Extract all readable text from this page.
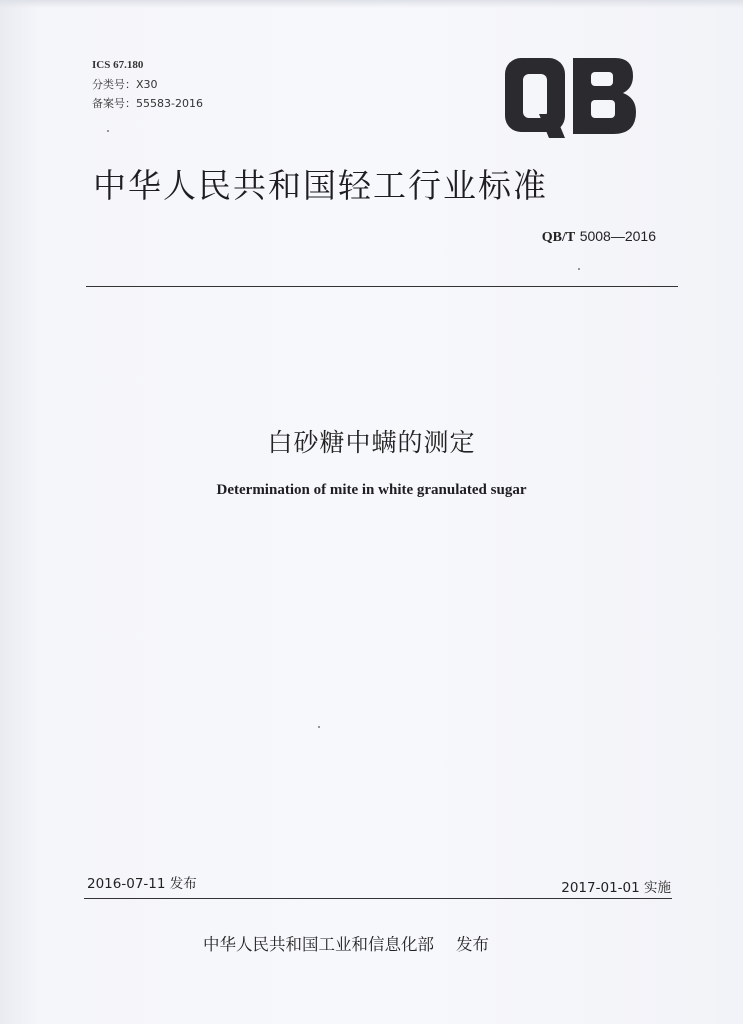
ICS 67.180
分类号：X30
备案号：55583-2016
中华人民共和国轻工行业标准
QB/T 5008—2016
白砂糖中螨的测定
Determination of mite in white granulated sugar
2016-07-11 发布	2017-01-01 实施
中华人民共和国工业和信息化部 发布
